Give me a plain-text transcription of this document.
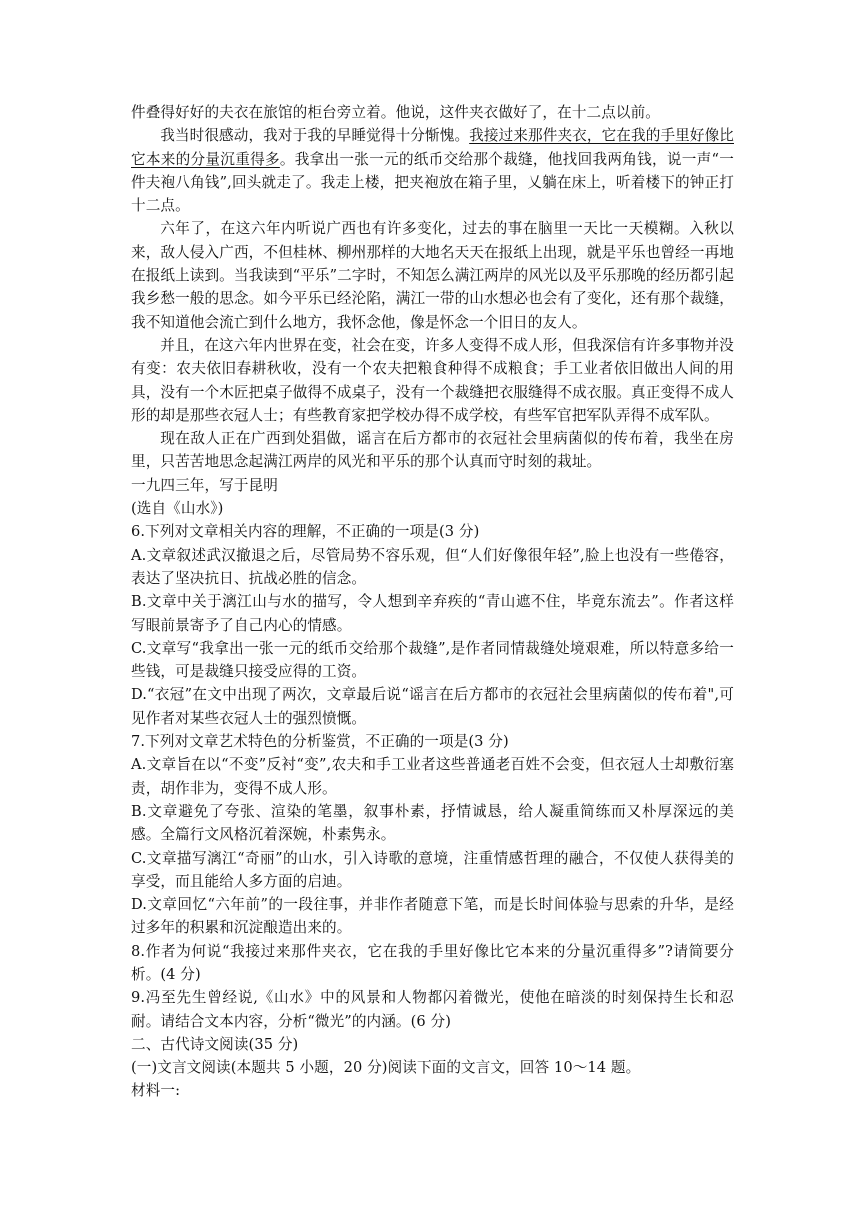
件叠得好好的夫衣在旅馆的柜台旁立着。他说，这件夹衣做好了，在十二点以前。

我当时很感动，我对于我的早睡觉得十分惭愧。我接过来那件夹衣，它在我的手里好像比它本来的分量沉重得多。我拿出一张一元的纸币交给那个裁缝，他找回我两角钱，说一声“一件夫袍八角钱”,回头就走了。我走上楼，把夹袍放在箱子里，乂躺在床上，听着楼下的钟正打十二点。

六年了，在这六年内听说广西也有许多变化，过去的事在脑里一天比一天模糊。入秋以来，敌人侵入广西，不但桂林、柳州那样的大地名天天在报纸上出现，就是平乐也曾经一再地在报纸上读到。当我读到“平乐”二字时，不知怎么满江两岸的风光以及平乐那晚的经历都引起我乡愁一般的思念。如今平乐已经沦陷，满江一带的山水想必也会有了变化，还有那个裁缝，我不知道他会流亡到什么地方，我怀念他，像是怀念一个旧日的友人。

并且，在这六年内世界在变，社会在变，许多人变得不成人形，但我深信有许多事物并没有变：农夫依旧春耕秋收，没有一个农夫把粮食种得不成粮食；手工业者依旧做出人间的用具，没有一个木匠把桌子做得不成桌子，没有一个裁缝把衣服缝得不成衣服。真正变得不成人形的却是那些衣冠人士；有些教育家把学校办得不成学校，有些军官把军队弄得不成军队。

现在敌人正在广西到处猖做，谣言在后方都市的衣冠社会里病菌似的传布着，我坐在房里，只苦苦地思念起满江两岸的风光和平乐的那个认真而守时刻的栽址。

一九四三年，写于昆明

(选自《山水》)

6.下列对文章相关内容的理解，不正确的一项是(3 分)

A.文章叙述武汉撤退之后，尽管局势不容乐观，但“人们好像很年轻”,脸上也没有一些倦容，表达了坚决抗日、抗战必胜的信念。

B.文章中关于漓江山与水的描写，令人想到辛弃疾的“青山遮不住，毕竟东流去”。作者这样写眼前景寄予了自己内心的情感。

C.文章写“我拿出一张一元的纸币交给那个裁缝”,是作者同情裁缝处境艰难，所以特意多给一些钱，可是裁缝只接受应得的工资。

D.“衣冠”在文中出现了两次，文章最后说“谣言在后方都市的衣冠社会里病菌似的传布着",可见作者对某些衣冠人士的强烈愤慨。

7.下列对文章艺术特色的分析鉴赏，不正确的一项是(3 分)

A.文章旨在以“不变”反衬“变”,农夫和手工业者这些普通老百姓不会变，但衣冠人士却敷衍塞责，胡作非为，变得不成人形。

B.文章避免了夸张、渲染的笔墨，叙事朴素，抒情诚恳，给人凝重简练而又朴厚深远的美感。全篇行文风格沉着深婉，朴素隽永。

C.文章描写漓江“奇丽”的山水，引入诗歌的意境，注重情感哲理的融合，不仅使人获得美的享受，而且能给人多方面的启迪。

D.文章回忆“六年前”的一段往事，并非作者随意下笔，而是长时间体验与思索的升华，是经过多年的积累和沉淀酿造出来的。

8.作者为何说“我接过来那件夹衣，它在我的手里好像比它本来的分量沉重得多”?请简要分析。(4 分)

9.冯至先生曾经说,《山水》中的风景和人物都闪着微光，使他在暗淡的时刻保持生长和忍耐。请结合文本内容，分析“微光”的内涵。(6 分)

二、古代诗文阅读(35 分)

(一)文言文阅读(本题共 5 小题，20 分)阅读下面的文言文，回答 10～14 题。

材料一:
